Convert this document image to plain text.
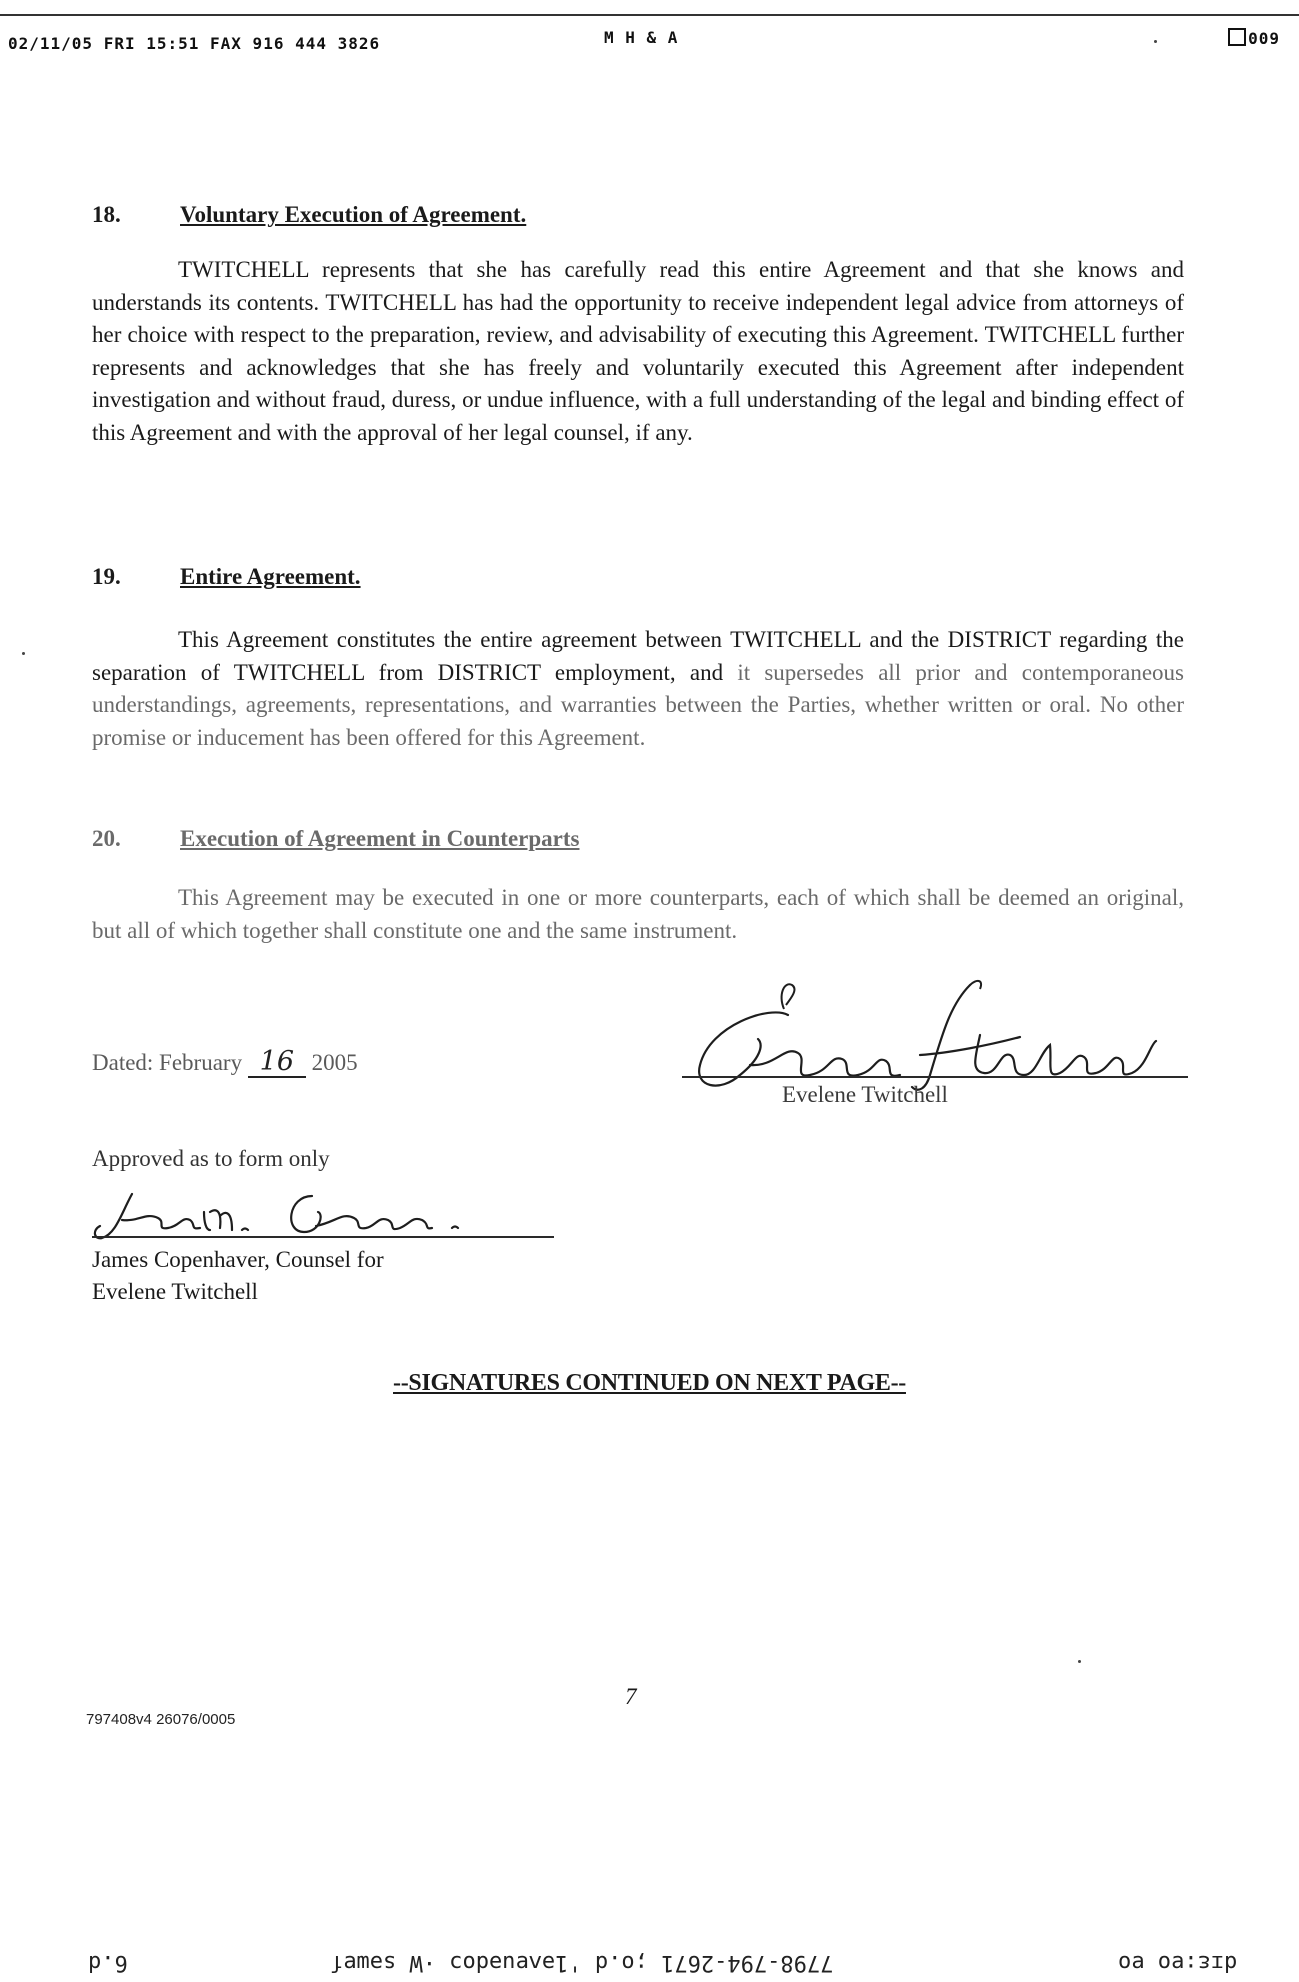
02/11/05 FRI 15:51 FAX 916 444 3826	M H & A	009
18.	Voluntary Execution of Agreement.

TWITCHELL represents that she has carefully read this entire Agreement and that she knows and understands its contents. TWITCHELL has had the opportunity to receive independent legal advice from attorneys of her choice with respect to the preparation, review, and advisability of executing this Agreement. TWITCHELL further represents and acknowledges that she has freely and voluntarily executed this Agreement after independent investigation and without fraud, duress, or undue influence, with a full understanding of the legal and binding effect of this Agreement and with the approval of her legal counsel, if any.

19.	Entire Agreement.

This Agreement constitutes the entire agreement between TWITCHELL and the DISTRICT regarding the separation of TWITCHELL from DISTRICT employment, and it supersedes all prior and contemporaneous understandings, agreements, representations, and warranties between the Parties, whether written or oral. No other promise or inducement has been offered for this Agreement.

20.	Execution of Agreement in Counterparts

This Agreement may be executed in one or more counterparts, each of which shall be deemed an original, but all of which together shall constitute one and the same instrument.

Dated: February 16 2005
Evelene Twitchell
Approved as to form only
James Copenhaver, Counsel for
Evelene Twitchell
--SIGNATURES CONTINUED ON NEXT PAGE--
7
797408v4 26076/0005
6.d	7798-794-2671 ;o.d '1əʌɐuədoɔ ·W səɯɐſ	dɪɛ:ɐo ɐo
